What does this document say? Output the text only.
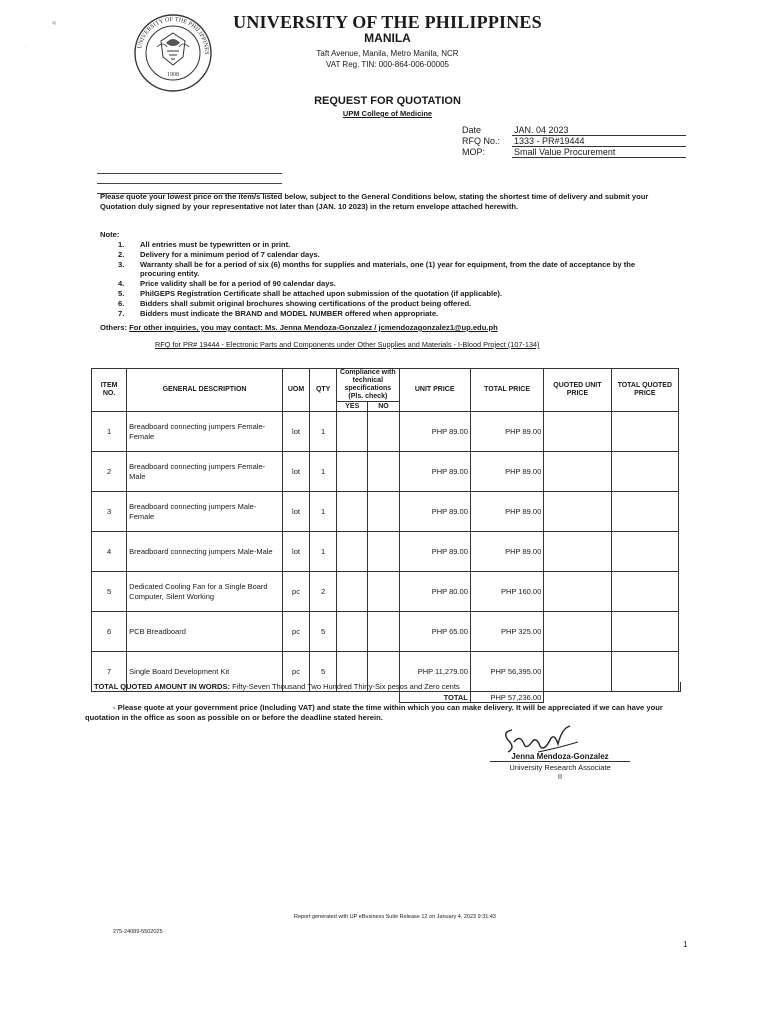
«
·	UNIVERSITY OF THE PHILIPPINES
1908
UNIVERSITY OF THE PHILIPPINES
MANILA
Taft Avenue, Manila, Metro Manila, NCR
VAT Reg. TIN: 000-864-006-00005
REQUEST FOR QUOTATION
UPM College of Medicine
Date	JAN. 04 2023
RFQ No.:	1333 - PR#19444
MOP:	Small Value Procurement
Please quote your lowest price on the item/s listed below, subject to the General Conditions below, stating the shortest time of delivery and submit your Quotation duly signed by your representative not later than (JAN. 10 2023) in the return envelope attached herewith.
Note:
1.	All entries must be typewritten or in print.
2.	Delivery for a minimum period of 7 calendar days.
3.	Warranty shall be for a period of six (6) months for supplies and materials, one (1) year for equipment, from the date of acceptance by the procuring entity.
4.	Price validity shall be for a period of 90 calendar days.
5.	PhilGEPS Registration Certificate shall be attached upon submission of the quotation (if applicable).
6.	Bidders shall submit original brochures showing certifications of the product being offered.
7.	Bidders must indicate the BRAND and MODEL NUMBER offered when appropriate.
Others: For other inquiries, you may contact: Ms. Jenna Mendoza-Gonzalez / jcmendozagonzalez1@up.edu.ph
RFQ for PR# 19444 - Electronic Parts and Components under Other Supplies and Materials - I-Blood Project (107-134)
ITEM NO.	GENERAL DESCRIPTION	UOM	QTY	Compliance with technical specifications (Pls. check)		UNIT PRICE	TOTAL PRICE	QUOTED UNIT PRICE	TOTAL QUOTED PRICE
				YES	NO				
1	Breadboard connecting jumpers Female-Female	lot	1			PHP 89.00	PHP 89.00		
2	Breadboard connecting jumpers Female-Male	lot	1			PHP 89.00	PHP 89.00		
3	Breadboard connecting jumpers Male-Female	lot	1			PHP 89.00	PHP 89.00		
4	Breadboard connecting jumpers Male-Male	lot	1			PHP 89.00	PHP 89.00		
5	Dedicated Cooling Fan for a Single Board Computer, Silent Working	pc	2			PHP 80.00	PHP 160.00		
6	PCB Breadboard	pc	5			PHP 65.00	PHP 325.00		
7	Single Board Development Kit	pc	5			PHP 11,279.00	PHP 56,395.00		
						TOTAL	PHP 57,236.00		
TOTAL QUOTED AMOUNT IN WORDS: Fifty-Seven Thousand Two Hundred Thirty-Six pesos and Zero cents
- Please quote at your government price (Including VAT) and state the time within which you can make delivery. It will be appreciated if we can have your quotation in the office as soon as possible on or before the deadline stated herein.
Jenna Mendoza-Gonzalez
University Research Associate
II
Report generated with UP eBusiness Suite Release 12 on January 4, 2023 9:31:43
275-24089-5502025
1
